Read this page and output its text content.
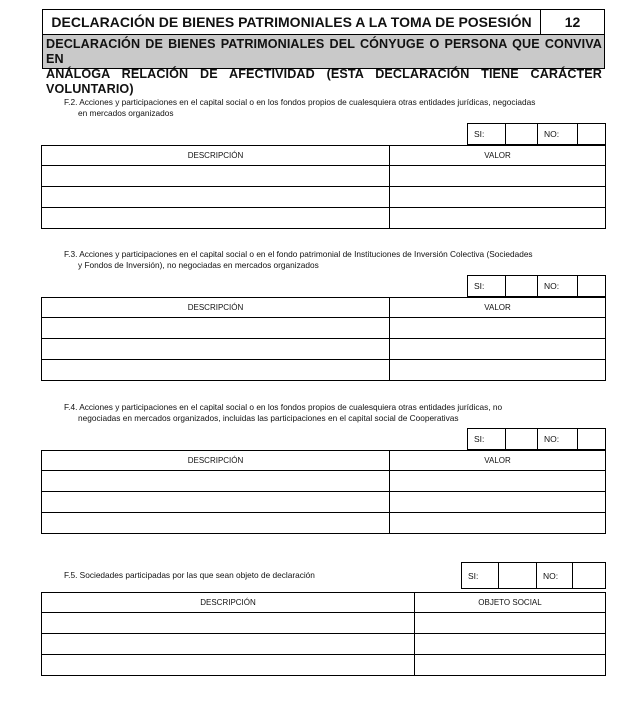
DECLARACIÓN DE BIENES PATRIMONIALES A LA TOMA DE POSESIÓN	12
DECLARACIÓN DE BIENES PATRIMONIALES DEL CÓNYUGE O PERSONA QUE CONVIVA EN
ANÁLOGA RELACIÓN DE AFECTIVIDAD (ESTA DECLARACIÓN TIENE CARÁCTER VOLUNTARIO)
F.2. Acciones y participaciones en el capital social o en los fondos propios de cualesquiera otras entidades jurídicas, negociadas
en mercados organizados
SI:	NO:
DESCRIPCIÓN	VALOR

F.3. Acciones y participaciones en el capital social o en el fondo patrimonial de Instituciones de Inversión Colectiva (Sociedades
y Fondos de Inversión), no negociadas en mercados organizados
SI:	NO:
DESCRIPCIÓN	VALOR

F.4. Acciones y participaciones en el capital social o en los fondos propios de cualesquiera otras entidades jurídicas, no
negociadas en mercados organizados, incluidas las participaciones en el capital social de Cooperativas
SI:	NO:
DESCRIPCIÓN	VALOR

F.5. Sociedades participadas por las que sean objeto de declaración	SI:	NO:
DESCRIPCIÓN	OBJETO SOCIAL
